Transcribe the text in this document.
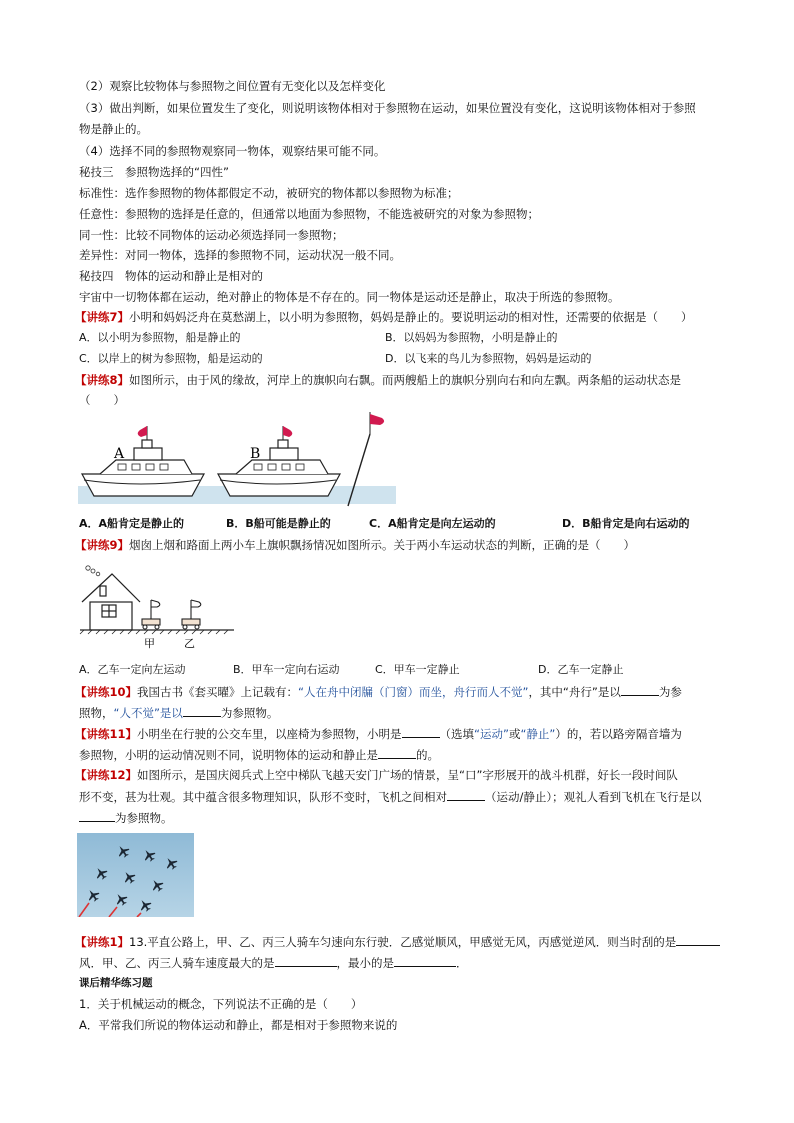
（2）观察比较物体与参照物之间位置有无变化以及怎样变化
（3）做出判断，如果位置发生了变化，则说明该物体相对于参照物在运动，如果位置没有变化，这说明该物体相对于参照
物是静止的。
（4）选择不同的参照物观察同一物体，观察结果可能不同。
秘技三　参照物选择的“四性”
标准性：选作参照物的物体都假定不动，被研究的物体都以参照物为标准；
任意性：参照物的选择是任意的，但通常以地面为参照物，不能选被研究的对象为参照物；
同一性：比较不同物体的运动必须选择同一参照物；
差异性：对同一物体，选择的参照物不同，运动状况一般不同。
秘技四　物体的运动和静止是相对的
宇宙中一切物体都在运动，绝对静止的物体是不存在的。同一物体是运动还是静止，取决于所选的参照物。
【讲练7】小明和妈妈泛舟在莫愁湖上，以小明为参照物，妈妈是静止的。要说明运动的相对性，还需要的依据是（　　）
A．以小明为参照物，船是静止的	B．以妈妈为参照物，小明是静止的
C．以岸上的树为参照物，船是运动的	D．以飞来的鸟儿为参照物，妈妈是运动的
【讲练8】如图所示，由于风的缘故，河岸上的旗帜向右飘。而两艘船上的旗帜分别向右和向左飘。两条船的运动状态是
（　　）
A	B
A．A船肯定是静止的	B．B船可能是静止的	C．A船肯定是向左运动的	D．B船肯定是向右运动的
【讲练9】烟囱上烟和路面上两小车上旗帜飘扬情况如图所示。关于两小车运动状态的判断，正确的是（　　）
甲	乙
A．乙车一定向左运动	B．甲车一定向右运动	C．甲车一定静止	D．乙车一定静止
【讲练10】我国古书《套买曜》上记载有：“人在舟中闭牖（门窗）而坐，舟行而人不觉”，其中“舟行”是以	为参
照物，“人不觉”是以	为参照物。
【讲练11】小明坐在行驶的公交车里，以座椅为参照物，小明是	（选填“运动”或“静止”）的，若以路旁隔音墙为
参照物，小明的运动情况则不同，说明物体的运动和静止是	的。
【讲练12】如图所示，是国庆阅兵式上空中梯队飞越天安门广场的情景，呈“口”字形展开的战斗机群，好长一段时间队
形不变，甚为壮观。其中蕴含很多物理知识，队形不变时，飞机之间相对	（运动/静止）；观礼人看到飞机在飞行是以
为参照物。
【讲练1】13.平直公路上，甲、乙、丙三人骑车匀速向东行驶．乙感觉顺风，甲感觉无风，丙感觉逆风．则当时刮的是
风．甲、乙、丙三人骑车速度最大的是	，最小的是	．
课后精华练习题
1．关于机械运动的概念，下列说法不正确的是（　　）
A．平常我们所说的物体运动和静止，都是相对于参照物来说的
